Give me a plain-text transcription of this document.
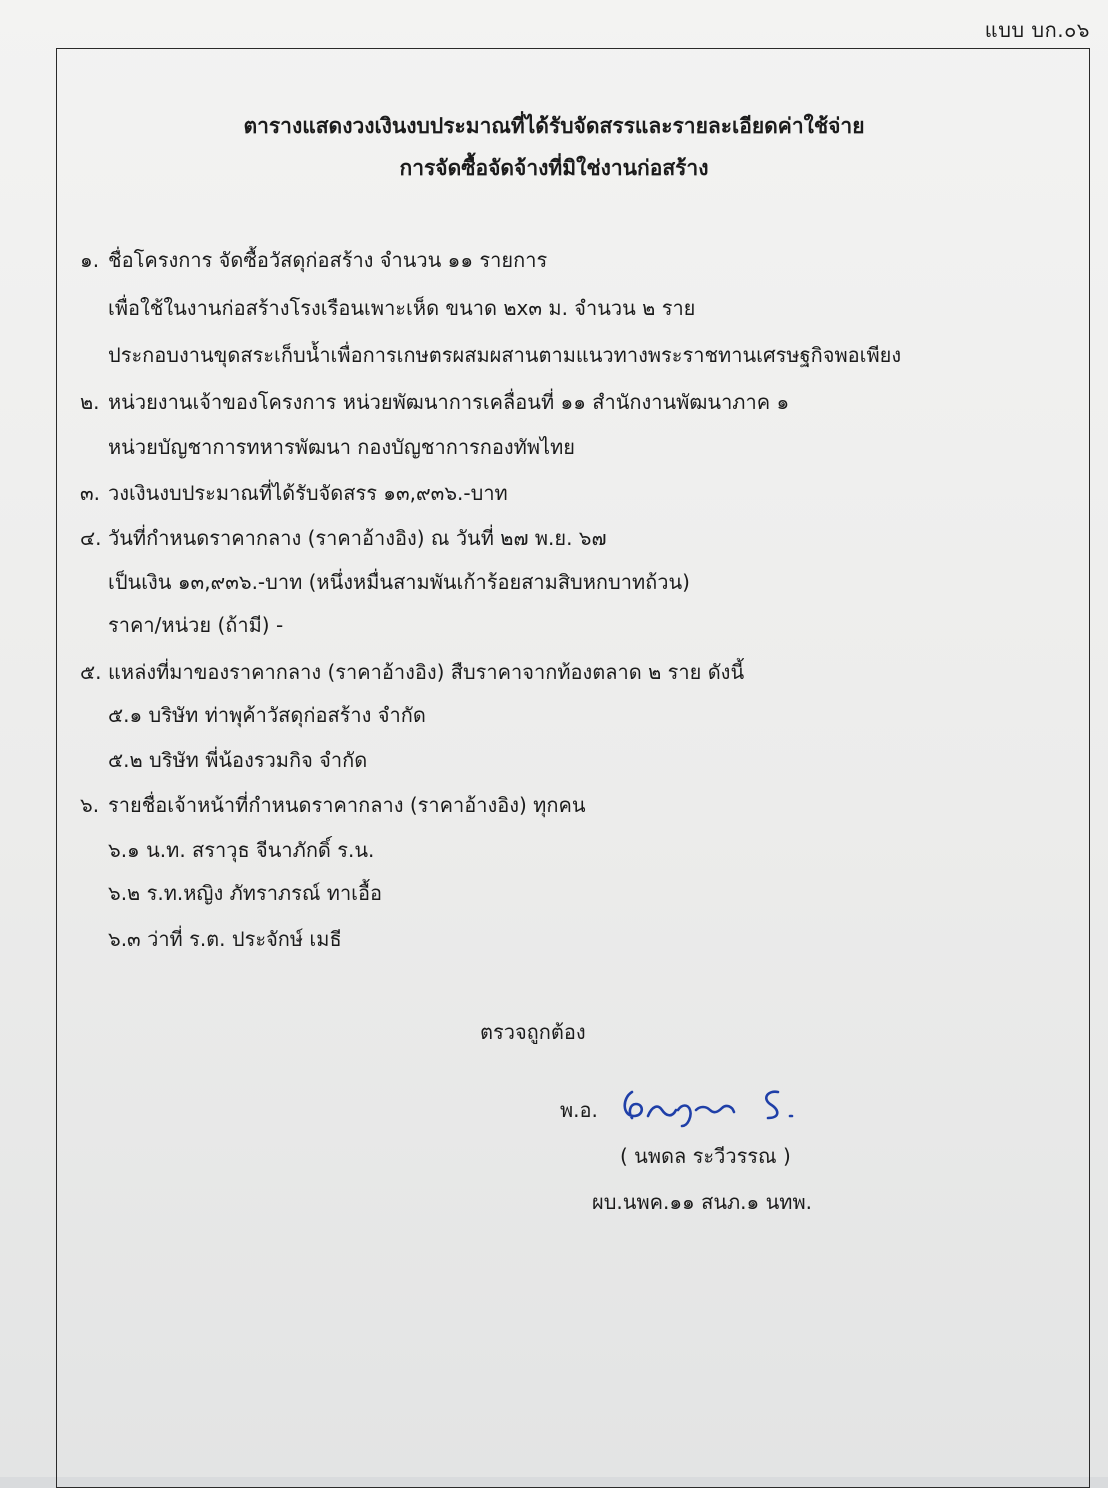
แบบ บก.๐๖
ตารางแสดงวงเงินงบประมาณที่ได้รับจัดสรรและรายละเอียดค่าใช้จ่าย
การจัดซื้อจัดจ้างที่มิใช่งานก่อสร้าง
๑. ชื่อโครงการ จัดซื้อวัสดุก่อสร้าง จำนวน ๑๑ รายการ
เพื่อใช้ในงานก่อสร้างโรงเรือนเพาะเห็ด ขนาด ๒x๓ ม. จำนวน ๒ ราย
ประกอบงานขุดสระเก็บน้ำเพื่อการเกษตรผสมผสานตามแนวทางพระราชทานเศรษฐกิจพอเพียง
๒. หน่วยงานเจ้าของโครงการ หน่วยพัฒนาการเคลื่อนที่ ๑๑ สำนักงานพัฒนาภาค ๑
หน่วยบัญชาการทหารพัฒนา กองบัญชาการกองทัพไทย
๓. วงเงินงบประมาณที่ได้รับจัดสรร ๑๓,๙๓๖.-บาท
๔. วันที่กำหนดราคากลาง (ราคาอ้างอิง) ณ วันที่ ๒๗ พ.ย. ๖๗
เป็นเงิน ๑๓,๙๓๖.-บาท (หนึ่งหมื่นสามพันเก้าร้อยสามสิบหกบาทถ้วน)
ราคา/หน่วย (ถ้ามี) -
๕. แหล่งที่มาของราคากลาง (ราคาอ้างอิง) สืบราคาจากท้องตลาด ๒ ราย ดังนี้
๕.๑ บริษัท ท่าพุค้าวัสดุก่อสร้าง จำกัด
๕.๒ บริษัท พี่น้องรวมกิจ จำกัด
๖. รายชื่อเจ้าหน้าที่กำหนดราคากลาง (ราคาอ้างอิง) ทุกคน
๖.๑ น.ท. สราวุธ จีนาภักดิ์ ร.น.
๖.๒ ร.ท.หญิง ภัทราภรณ์ ทาเอื้อ
๖.๓ ว่าที่ ร.ต. ประจักษ์ เมธี
ตรวจถูกต้อง
พ.อ.
( นพดล ระวีวรรณ )
ผบ.นพค.๑๑ สนภ.๑ นทพ.
